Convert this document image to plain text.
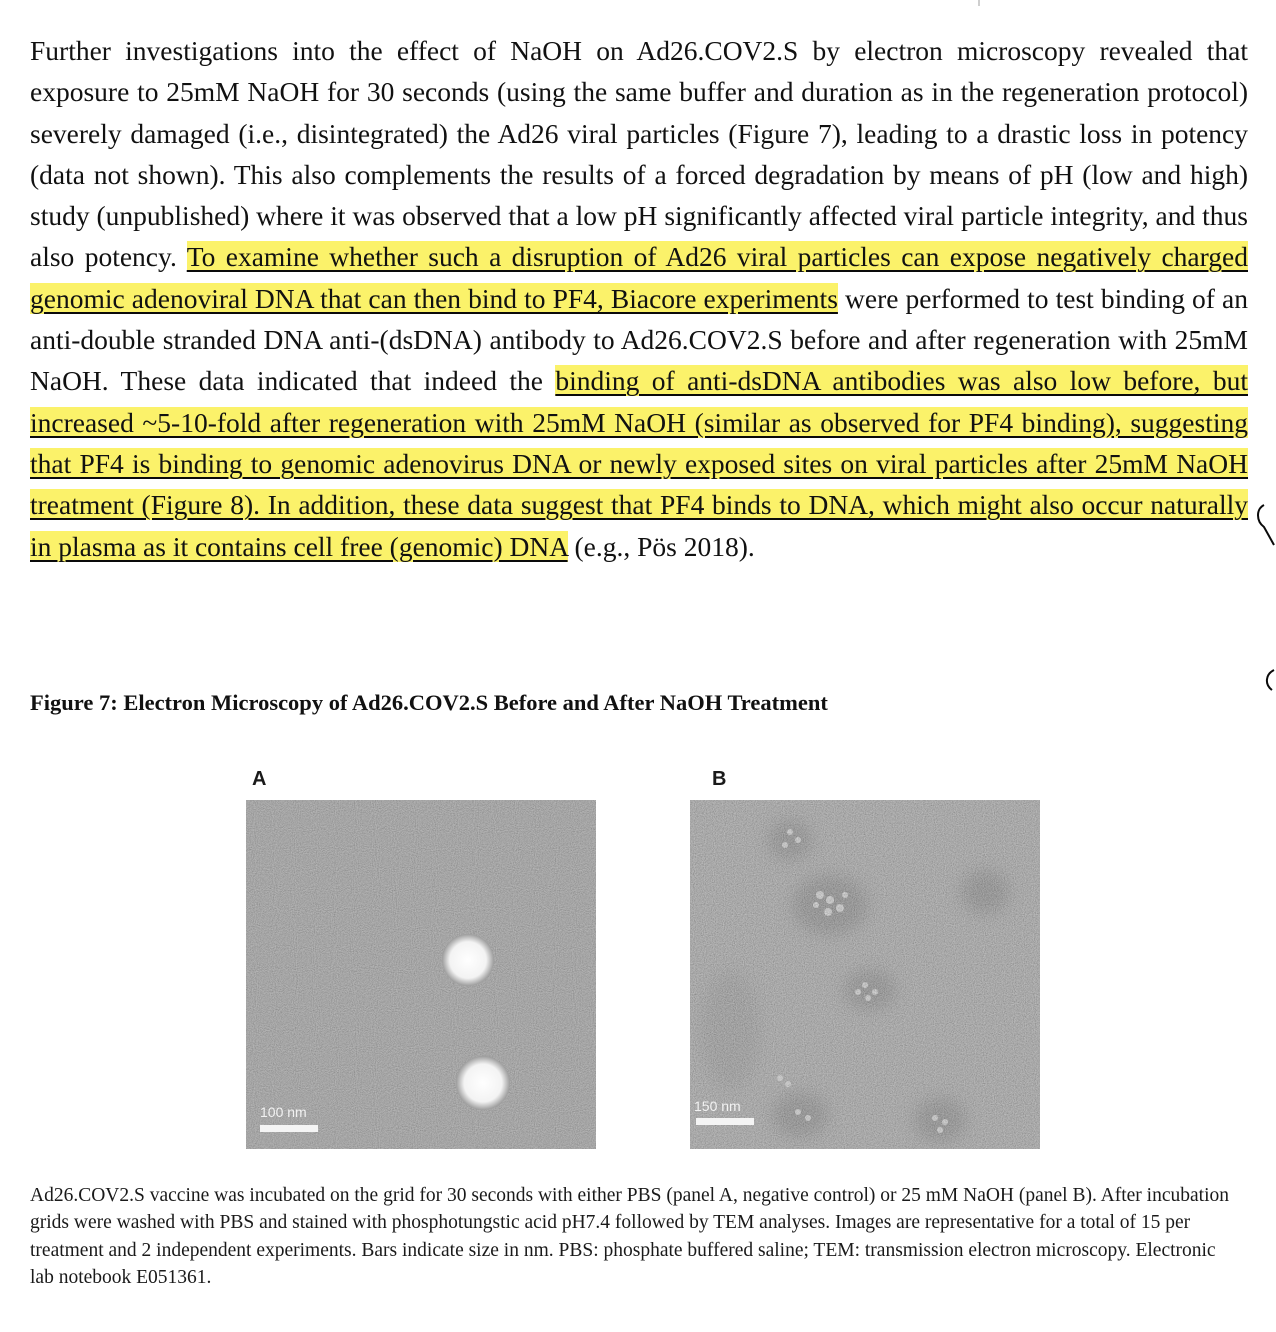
Further investigations into the effect of NaOH on Ad26.COV2.S by electron microscopy revealed that exposure to 25mM NaOH for 30 seconds (using the same buffer and duration as in the regeneration protocol) severely damaged (i.e., disintegrated) the Ad26 viral particles (Figure 7), leading to a drastic loss in potency (data not shown). This also complements the results of a forced degradation by means of pH (low and high) study (unpublished) where it was observed that a low pH significantly affected viral particle integrity, and thus also potency. To examine whether such a disruption of Ad26 viral particles can expose negatively charged genomic adenoviral DNA that can then bind to PF4, Biacore experiments were performed to test binding of an anti-double stranded DNA anti-(dsDNA) antibody to Ad26.COV2.S before and after regeneration with 25mM NaOH. These data indicated that indeed the binding of anti-dsDNA antibodies was also low before, but increased ~5-10-fold after regeneration with 25mM NaOH (similar as observed for PF4 binding), suggesting that PF4 is binding to genomic adenovirus DNA or newly exposed sites on viral particles after 25mM NaOH treatment (Figure 8). In addition, these data suggest that PF4 binds to DNA, which might also occur naturally in plasma as it contains cell free (genomic) DNA (e.g., Pös 2018).

Figure 7: Electron Microscopy of Ad26.COV2.S Before and After NaOH Treatment
A
100 nm
B
150 nm
Ad26.COV2.S vaccine was incubated on the grid for 30 seconds with either PBS (panel A, negative control) or 25 mM NaOH (panel B). After incubation grids were washed with PBS and stained with phosphotungstic acid pH7.4 followed by TEM analyses. Images are representative for a total of 15 per treatment and 2 independent experiments. Bars indicate size in nm. PBS: phosphate buffered saline; TEM: transmission electron microscopy. Electronic lab notebook E051361.
